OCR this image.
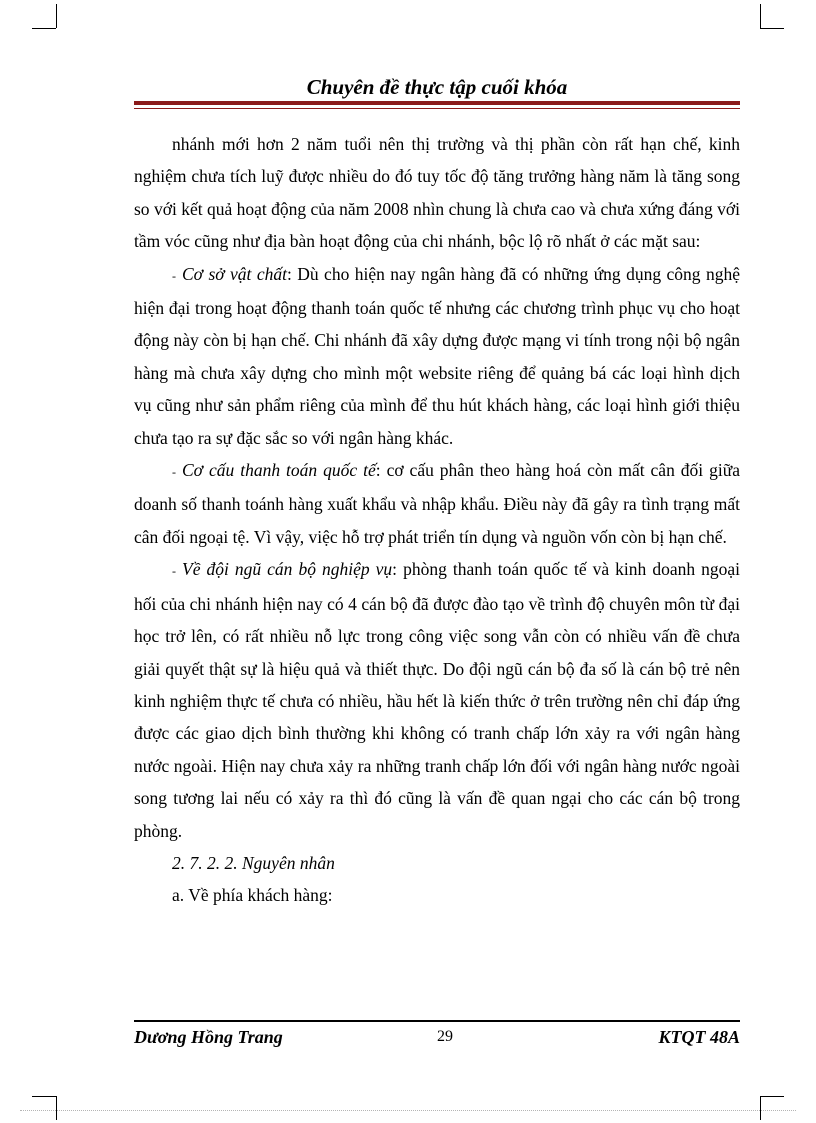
Chuyên đề thực tập cuối khóa

nhánh mới hơn 2 năm tuổi nên thị trường và thị phần còn rất hạn chế, kinh nghiệm chưa tích luỹ được nhiều do đó tuy tốc độ tăng trưởng hàng năm là tăng song so với kết quả hoạt động của năm 2008 nhìn chung là chưa cao và chưa xứng đáng với tầm vóc cũng như địa bàn hoạt động của chi nhánh, bộc lộ rõ nhất ở các mặt sau:

- Cơ sở vật chất: Dù cho hiện nay ngân hàng đã có những ứng dụng công nghệ hiện đại trong hoạt động thanh toán quốc tế nhưng các chương trình phục vụ cho hoạt động này còn bị hạn chế. Chi nhánh đã xây dựng được mạng vi tính trong nội bộ ngân hàng mà chưa xây dựng cho mình một website riêng để quảng bá các loại hình dịch vụ cũng như sản phẩm riêng của mình để thu hút khách hàng, các loại hình giới thiệu chưa tạo ra sự đặc sắc so với ngân hàng khác.

- Cơ cấu thanh toán quốc tế: cơ cấu phân theo hàng hoá còn mất cân đối giữa doanh số thanh toánh hàng xuất khẩu và nhập khẩu. Điều này đã gây ra tình trạng mất cân đối ngoại tệ. Vì vậy, việc hỗ trợ phát triển tín dụng và nguồn vốn còn bị hạn chế.

- Về đội ngũ cán bộ nghiệp vụ: phòng thanh toán quốc tế và kinh doanh ngoại hối của chi nhánh hiện nay có 4 cán bộ đã được đào tạo về trình độ chuyên môn từ đại học trở lên, có rất nhiều nỗ lực trong công việc song vẫn còn có nhiều vấn đề chưa giải quyết thật sự là hiệu quả và thiết thực. Do đội ngũ cán bộ đa số là cán bộ trẻ nên kinh nghiệm thực tế chưa có nhiều, hầu hết là kiến thức ở trên trường nên chỉ đáp ứng được các giao dịch bình thường khi không có tranh chấp lớn xảy ra với ngân hàng nước ngoài. Hiện nay chưa xảy ra những tranh chấp lớn đối với ngân hàng nước ngoài song tương lai nếu có xảy ra thì đó cũng là vấn đề quan ngại cho các cán bộ trong phòng.

2. 7. 2. 2. Nguyên nhân

a. Về phía khách hàng:

Dương Hồng Trang	29	KTQT 48A
